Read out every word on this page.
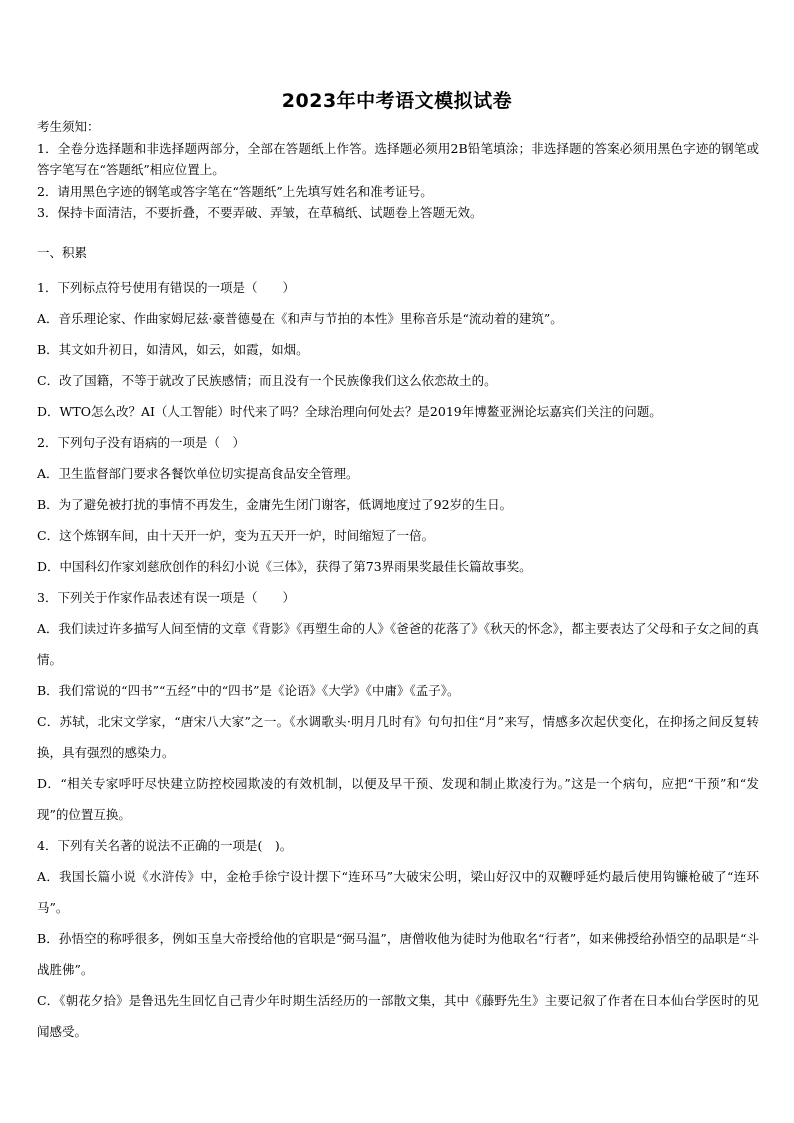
2023年中考语文模拟试卷

考生须知：

1．全卷分选择题和非选择题两部分，全部在答题纸上作答。选择题必须用2B铅笔填涂；非选择题的答案必须用黑色字迹的钢笔或答字笔写在“答题纸”相应位置上。

2．请用黑色字迹的钢笔或答字笔在“答题纸”上先填写姓名和准考证号。

3．保持卡面清洁，不要折叠，不要弄破、弄皱，在草稿纸、试题卷上答题无效。

一、积累

1．下列标点符号使用有错误的一项是（　　）

A．音乐理论家、作曲家姆尼兹·豪普德曼在《和声与节拍的本性》里称音乐是“流动着的建筑”。

B．其文如升初日，如清风，如云，如霞，如烟。

C．改了国籍，不等于就改了民族感情；而且没有一个民族像我们这么依恋故土的。

D．WTO怎么改？AI（人工智能）时代来了吗？全球治理向何处去？是2019年博鳌亚洲论坛嘉宾们关注的问题。

2．下列句子没有语病的一项是（　）

A．卫生监督部门要求各餐饮单位切实提高食品安全管理。

B．为了避免被打扰的事情不再发生，金庸先生闭门谢客，低调地度过了92岁的生日。

C．这个炼钢车间，由十天开一炉，变为五天开一炉，时间缩短了一倍。

D．中国科幻作家刘慈欣创作的科幻小说《三体》，获得了第73界雨果奖最佳长篇故事奖。

3．下列关于作家作品表述有误一项是（　　）

A．我们读过许多描写人间至情的文章《背影》《再塑生命的人》《爸爸的花落了》《秋天的怀念》，都主要表达了父母和子女之间的真情。

B．我们常说的“四书”“五经”中的“四书”是《论语》《大学》《中庸》《孟子》。

C．苏轼，北宋文学家，“唐宋八大家”之一。《水调歌头·明月几时有》句句扣住“月”来写，情感多次起伏变化，在抑扬之间反复转换，具有强烈的感染力。

D．“相关专家呼吁尽快建立防控校园欺凌的有效机制，以便及早干预、发现和制止欺凌行为。”这是一个病句，应把“干预”和“发现”的位置互换。

4．下列有关名著的说法不正确的一项是(　)。

A．我国长篇小说《水浒传》中，金枪手徐宁设计摆下“连环马”大破宋公明，梁山好汉中的双鞭呼延灼最后使用钩镰枪破了“连环马”。

B．孙悟空的称呼很多，例如玉皇大帝授给他的官职是“弼马温”，唐僧收他为徒时为他取名“行者”，如来佛授给孙悟空的品职是“斗战胜佛”。

C．《朝花夕拾》是鲁迅先生回忆自己青少年时期生活经历的一部散文集，其中《藤野先生》主要记叙了作者在日本仙台学医时的见闻感受。
